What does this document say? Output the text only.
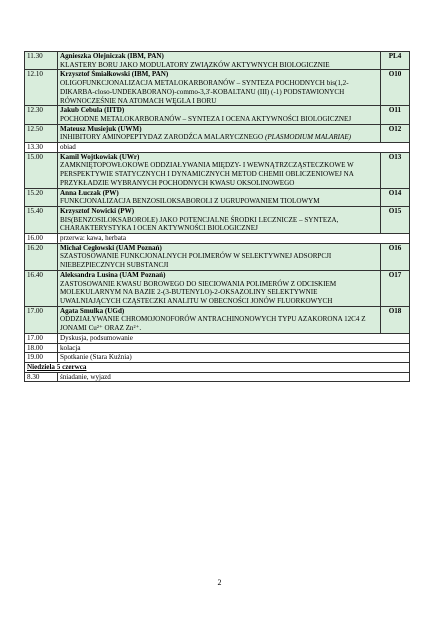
11.30	Agnieszka Olejniczak (IBM, PAN)
KLASTERY BORU JAKO MODULATORY ZWIĄZKÓW AKTYWNYCH BIOLOGICZNIE	PL4
12.10	Krzysztof Śmiałkowski (IBM, PAN)
OLIGOFUNKCJONALIZACJA METALOKARBORANÓW – SYNTEZA POCHODNYCH bis(1,2-DIKARBA-closo-UNDEKABORANO)-commo-3,3'-KOBALTANU (III) (-1) PODSTAWIONYCH RÓWNOCZEŚNIE NA ATOMACH WĘGLA I BORU	O10
12.30	Jakub Cebula (IITD)
POCHODNE METALOKARBORANÓW – SYNTEZA I OCENA AKTYWNOŚCI BIOLOGICZNEJ	O11
12.50	Mateusz Musiejuk (UWM)
INHIBITORY AMINOPEPTYDAZ ZARODŹCA MALARYCZNEGO (PLASMODIUM MALARIAE)	O12
13.30	obiad	
15.00	Kamil Wojtkowiak (UWr)
ZAMKNIĘTOPOWŁOKOWE ODDZIAŁYWANIA MIĘDZY- I WEWNĄTRZCZĄSTECZKOWE W PERSPEKTYWIE STATYCZNYCH I DYNAMICZNYCH METOD CHEMII OBLICZENIOWEJ NA PRZYKŁADZIE WYBRANYCH POCHODNYCH KWASU OKSOLINOWEGO	O13
15.20	Anna Łuczak (PW)
FUNKCJONALIZACJA BENZOSILOKSABOROLI Z UGRUPOWANIEM TIOLOWYM	O14
15.40	Krzysztof Nowicki (PW)
BIS(BENZOSILOKSABOROLE) JAKO POTENCJALNE ŚRODKI LECZNICZE – SYNTEZA, CHARAKTERYSTYKA I OCEN AKTYWNOŚCI BIOLOGICZNEJ	O15
16.00	przerwa: kawa, herbata	
16.20	Michał Cegłowski (UAM Poznań)
SZASTOSOWANIE FUNKCJONALNYCH POLIMERÓW W SELEKTYWNEJ ADSORPCJI NIEBEZPIECZNYCH SUBSTANCJI	O16
16.40	Aleksandra Lusina (UAM Poznań)
ZASTOSOWANIE KWASU BOROWEGO DO SIECIOWANIA POLIMERÓW Z ODCISKIEM MOLEKULARNYM NA BAZIE 2-(3-BUTENYLO)-2-OKSAZOLINY SELEKTYWNIE UWALNIAJĄCYCH CZĄSTECZKI ANALITU W OBECNOŚCI JONÓW FLUORKOWYCH	O17
17.00	Agata Smulka (UGd)
ODDZIAŁYWANIE CHROMOJONOFORÓW ANTRACHINONOWYCH TYPU AZAKORONA 12C4 Z JONAMI Cu²⁺ ORAZ Zn²⁺.	O18
17.00	Dyskusja, podsumowanie	
18.00	kolacja	
19.00	Spotkanie (Stara Kuźnia)	
Niedziela 5 czerwca		
8.30	śniadanie, wyjazd	
2
